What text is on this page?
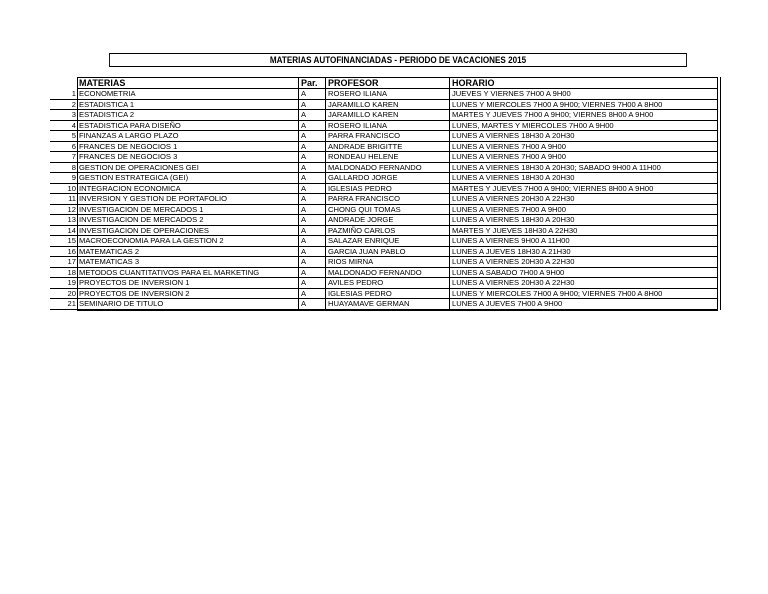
MATERIAS AUTOFINANCIADAS - PERIODO DE VACACIONES 2015
MATERIAS	Par.	PROFESOR	HORARIO
1 ECONOMETRIA	A	ROSERO ILIANA	JUEVES Y VIERNES 7H00 A 9H00
2 ESTADISTICA 1	A	JARAMILLO KAREN	LUNES Y MIERCOLES 7H00 A 9H00; VIERNES 7H00 A 8H00
3 ESTADISTICA 2	A	JARAMILLO KAREN	MARTES Y JUEVES 7H00 A 9H00; VIERNES 8H00 A 9H00
4 ESTADISTICA PARA DISEÑO	A	ROSERO ILIANA	LUNES, MARTES Y MIERCOLES 7H00 A 9H00
5 FINANZAS A LARGO PLAZO	A	PARRA FRANCISCO	LUNES A VIERNES 18H30 A 20H30
6 FRANCES DE NEGOCIOS 1	A	ANDRADE BRIGITTE	LUNES A VIERNES 7H00 A 9H00
7 FRANCES DE NEGOCIOS 3	A	RONDEAU HELENE	LUNES A VIERNES 7H00 A 9H00
8 GESTION DE OPERACIONES GEI	A	MALDONADO FERNANDO	LUNES A VIERNES 18H30 A 20H30; SABADO 9H00 A 11H00
9 GESTION ESTRATEGICA (GEI)	A	GALLARDO JORGE	LUNES A VIERNES 18H30 A 20H30
10 INTEGRACION ECONOMICA	A	IGLESIAS PEDRO	MARTES Y JUEVES 7H00 A 9H00; VIERNES 8H00 A 9H00
11 INVERSION Y GESTION DE PORTAFOLIO	A	PARRA FRANCISCO	LUNES A VIERNES 20H30 A 22H30
12 INVESTIGACION DE MERCADOS 1	A	CHONG QUI TOMAS	LUNES A VIERNES 7H00 A 9H00
13 INVESTIGACION DE MERCADOS 2	A	ANDRADE JORGE	LUNES A VIERNES 18H30 A 20H30
14 INVESTIGACION DE OPERACIONES	A	PAZMIÑO CARLOS	MARTES Y JUEVES 18H30 A 22H30
15 MACROECONOMIA PARA LA GESTION 2	A	SALAZAR ENRIQUE	LUNES A VIERNES 9H00 A 11H00
16 MATEMATICAS 2	A	GARCIA JUAN PABLO	LUNES A JUEVES 18H30 A 21H30
17 MATEMATICAS 3	A	RIOS MIRNA	LUNES A VIERNES 20H30 A 22H30
18 METODOS CUANTITATIVOS PARA EL MARKETING	A	MALDONADO FERNANDO	LUNES A SABADO 7H00 A 9H00
19 PROYECTOS DE INVERSION 1	A	AVILES PEDRO	LUNES A VIERNES 20H30 A 22H30
20 PROYECTOS DE INVERSION 2	A	IGLESIAS PEDRO	LUNES Y MIERCOLES 7H00 A 9H00; VIERNES 7H00 A 8H00
21 SEMINARIO DE TITULO	A	HUAYAMAVE GERMAN	LUNES A JUEVES 7H00 A 9H00
